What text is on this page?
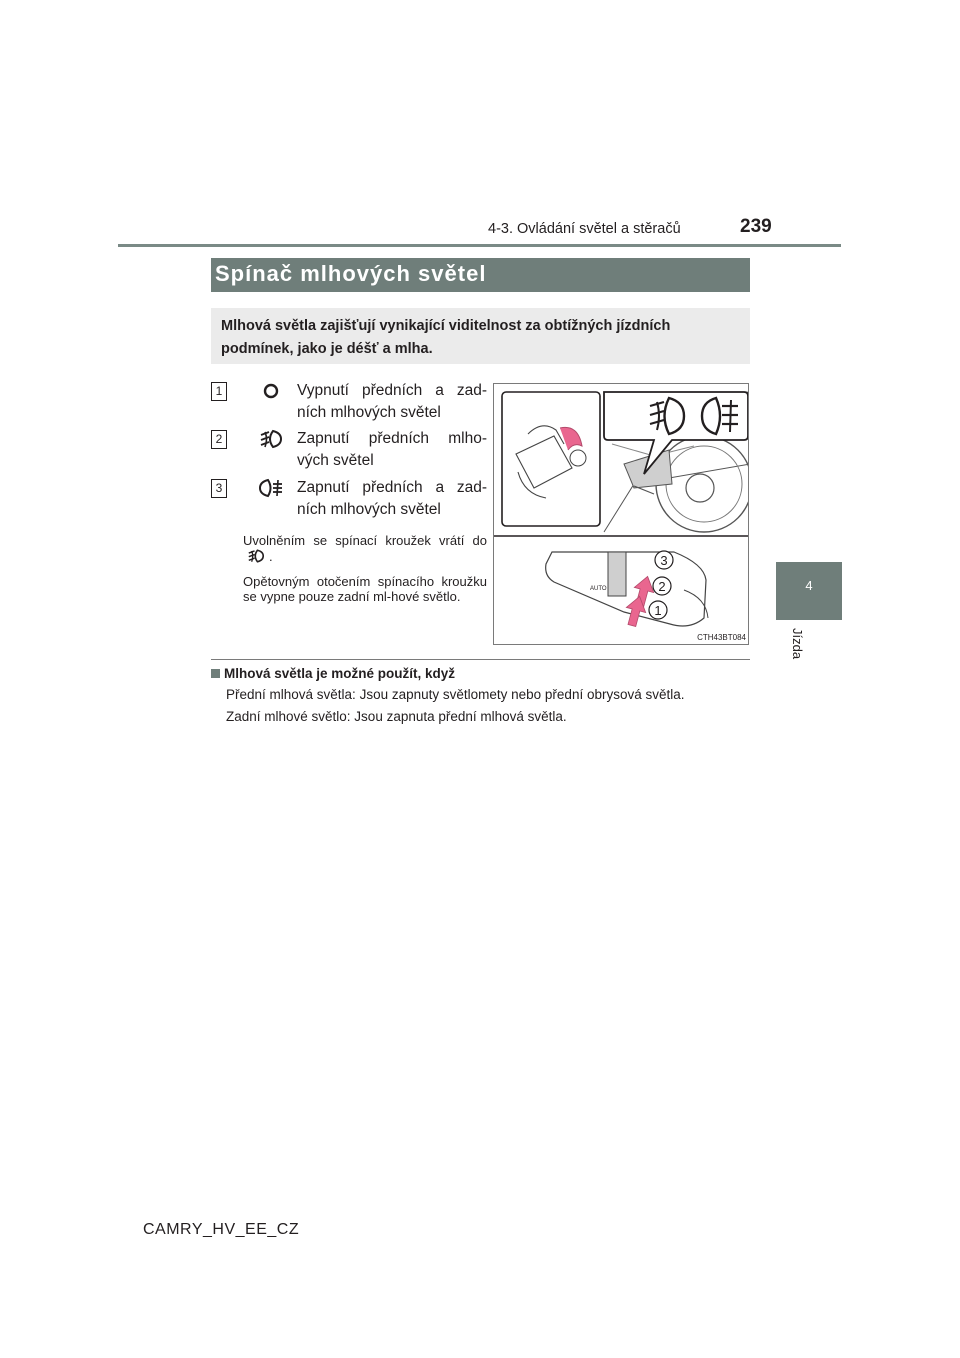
4-3. Ovládání světel a stěračů	239
4
Jízda
Spínač mlhových světel
Mlhová světla zajišťují vynikající viditelnost za obtížných jízdních podmínek, jako je déšť a mlha.
1	Vypnutí předních a zad-ních mlhových světel
2	Zapnutí předních mlho-vých světel
3	Zapnutí předních a zad-ních mlhových světel
Uvolněním se spínací kroužek vrátí do .
Opětovným otočením spínacího kroužku se vypne pouze zadní ml-hové světlo.	AUTO
3
2
1
CTH43BT084
Mlhová světla je možné použít, když
Přední mlhová světla: Jsou zapnuty světlomety nebo přední obrysová světla.
Zadní mlhové světlo: Jsou zapnuta přední mlhová světla.
CAMRY_HV_EE_CZ
